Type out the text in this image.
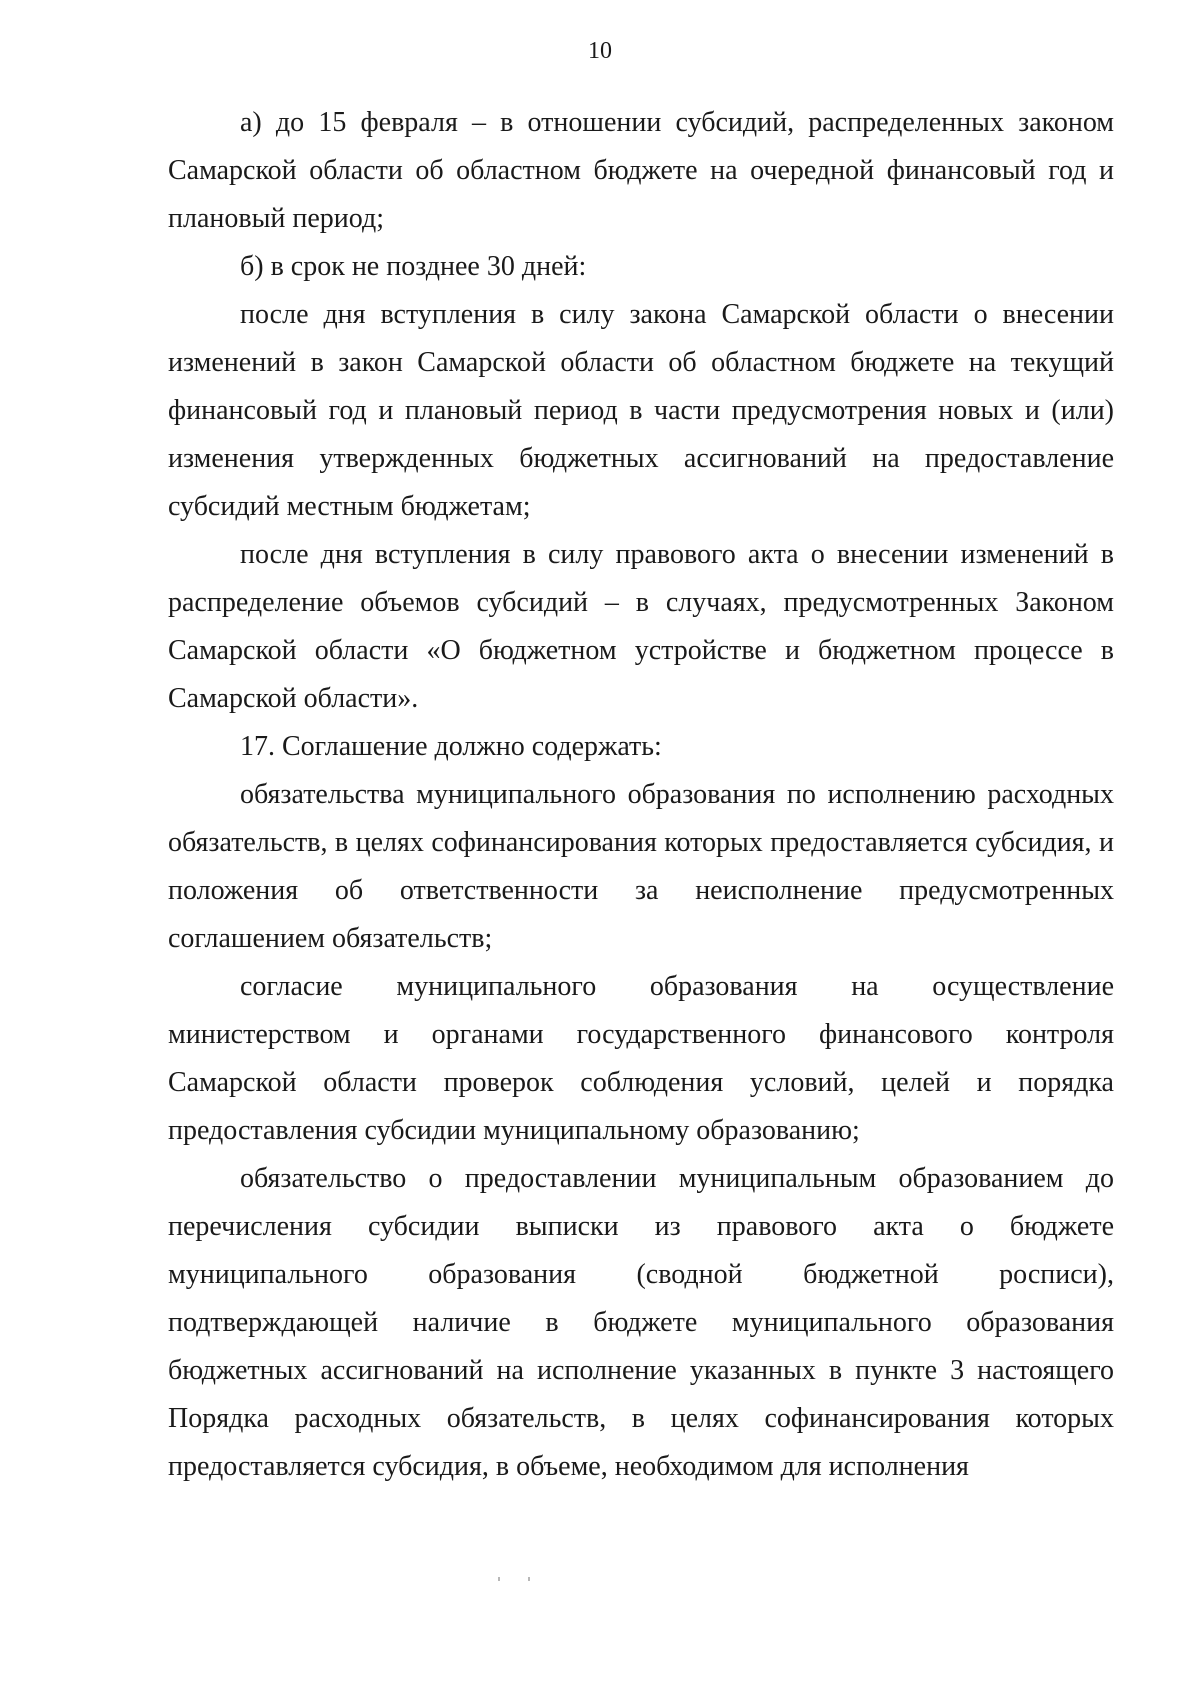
10

а) до 15 февраля – в отношении субсидий, распределенных законом Самарской области об областном бюджете на очередной финансовый год и плановый период;

б) в срок не позднее 30 дней:

после дня вступления в силу закона Самарской области о внесении изменений в закон Самарской области об областном бюджете на текущий финансовый год и плановый период в части предусмотрения новых и (или) изменения утвержденных бюджетных ассигнований на предоставление субсидий местным бюджетам;

после дня вступления в силу правового акта о внесении изменений в распределение объемов субсидий – в случаях, предусмотренных Законом Самарской области «О бюджетном устройстве и бюджетном процессе в Самарской области».

17. Соглашение должно содержать:

обязательства муниципального образования по исполнению расходных обязательств, в целях софинансирования которых предоставляется субсидия, и положения об ответственности за неисполнение предусмотренных соглашением обязательств;

согласие муниципального образования на осуществление министерством и органами государственного финансового контроля Самарской области проверок соблюдения условий, целей и порядка предоставления субсидии муниципальному образованию;

обязательство о предоставлении муниципальным образованием до перечисления субсидии выписки из правового акта о бюджете муниципального образования (сводной бюджетной росписи), подтверждающей наличие в бюджете муниципального образования бюджетных ассигнований на исполнение указанных в пункте 3 настоящего Порядка расходных обязательств, в целях софинансирования которых предоставляется субсидия, в объеме, необходимом для исполнения
